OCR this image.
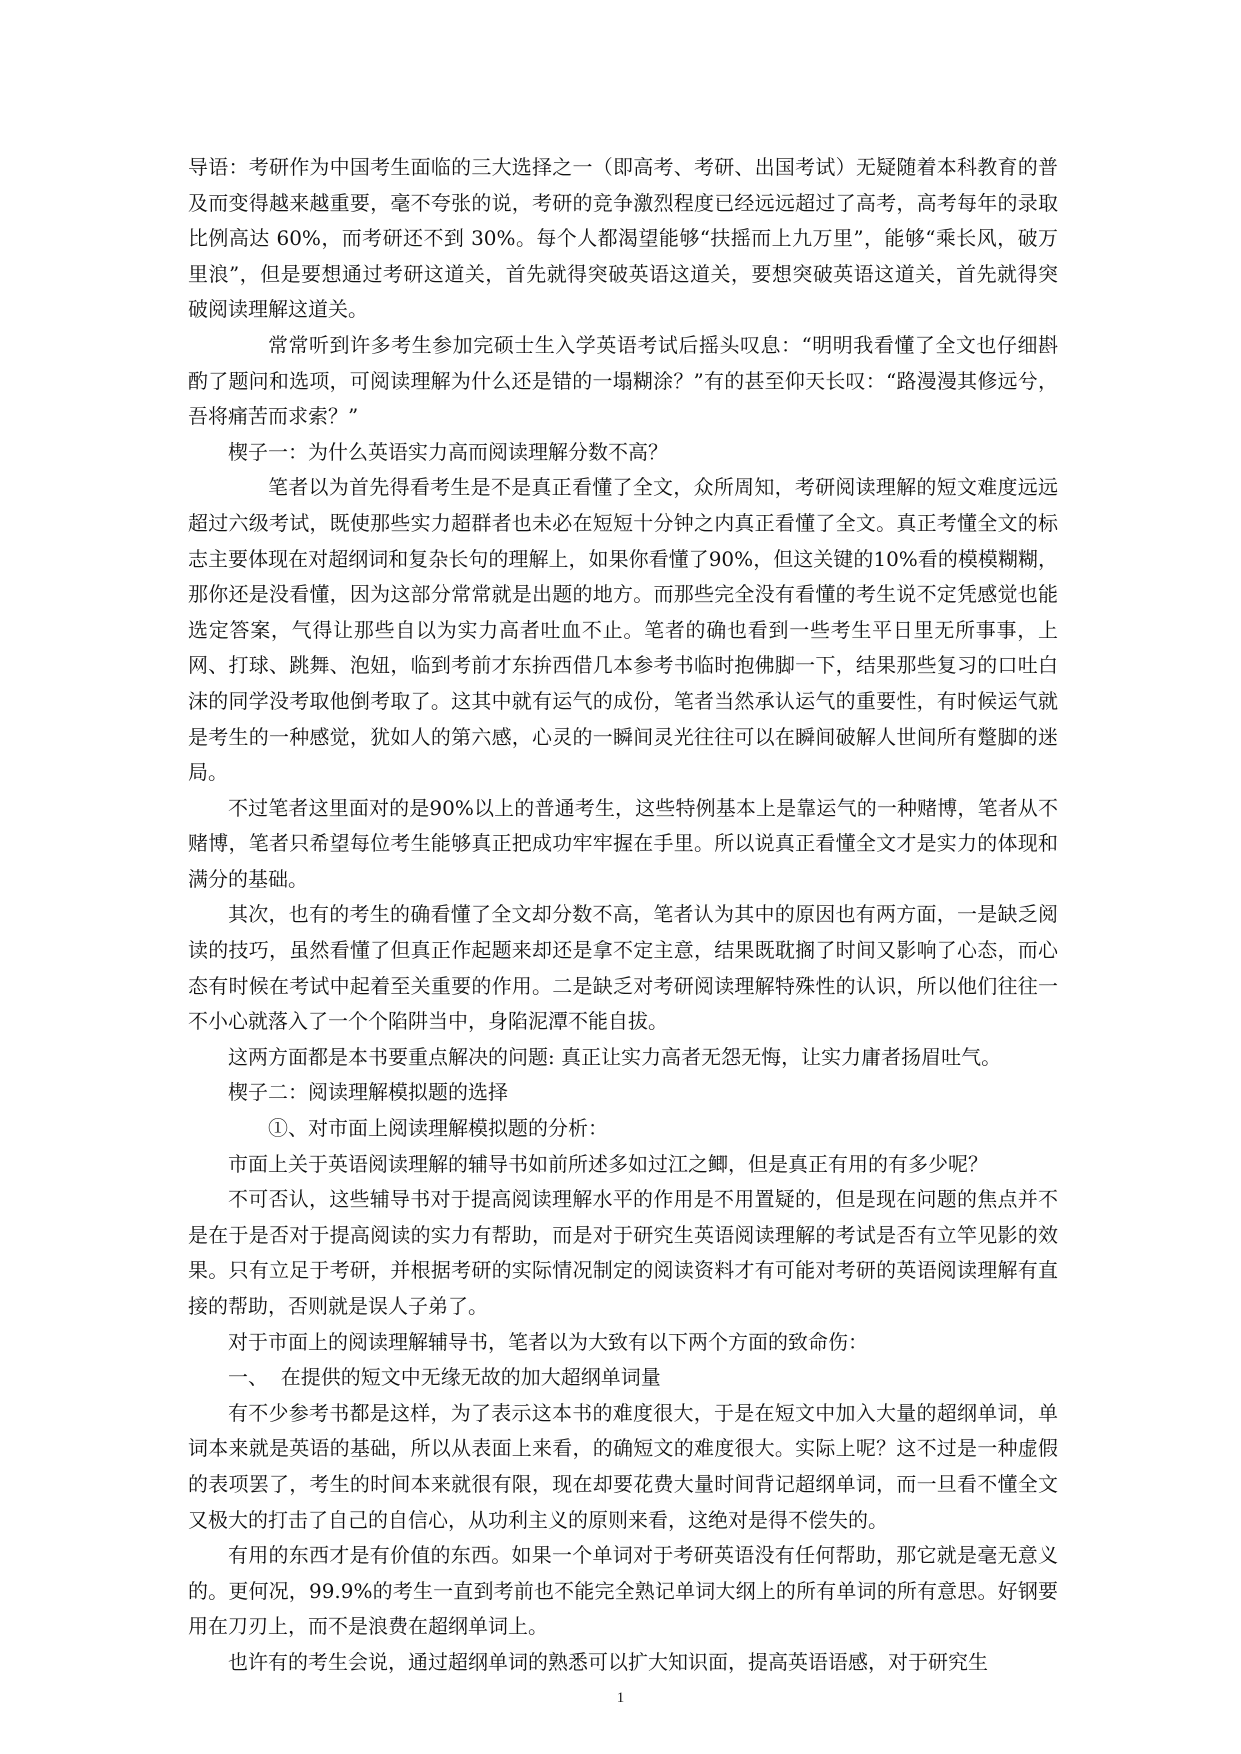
导语：考研作为中国考生面临的三大选择之一（即高考、考研、出国考试）无疑随着本科教育的普及而变得越来越重要，毫不夸张的说，考研的竞争激烈程度已经远远超过了高考，高考每年的录取比例高达 60%，而考研还不到 30%。每个人都渴望能够“扶摇而上九万里”，能够“乘长风，破万里浪”，但是要想通过考研这道关，首先就得突破英语这道关，要想突破英语这道关，首先就得突破阅读理解这道关。

常常听到许多考生参加完硕士生入学英语考试后摇头叹息：“明明我看懂了全文也仔细斟酌了题问和选项，可阅读理解为什么还是错的一塌糊涂？”有的甚至仰天长叹：“路漫漫其修远兮，吾将痛苦而求索？”

楔子一：为什么英语实力高而阅读理解分数不高？

笔者以为首先得看考生是不是真正看懂了全文，众所周知，考研阅读理解的短文难度远远超过六级考试，既使那些实力超群者也未必在短短十分钟之内真正看懂了全文。真正考懂全文的标志主要体现在对超纲词和复杂长句的理解上，如果你看懂了90%，但这关键的10%看的模模糊糊，那你还是没看懂，因为这部分常常就是出题的地方。而那些完全没有看懂的考生说不定凭感觉也能选定答案，气得让那些自以为实力高者吐血不止。笔者的确也看到一些考生平日里无所事事，上网、打球、跳舞、泡妞，临到考前才东拚西借几本参考书临时抱佛脚一下，结果那些复习的口吐白沫的同学没考取他倒考取了。这其中就有运气的成份，笔者当然承认运气的重要性，有时候运气就是考生的一种感觉，犹如人的第六感，心灵的一瞬间灵光往往可以在瞬间破解人世间所有蹩脚的迷局。

不过笔者这里面对的是90%以上的普通考生，这些特例基本上是靠运气的一种赌博，笔者从不赌博，笔者只希望每位考生能够真正把成功牢牢握在手里。所以说真正看懂全文才是实力的体现和满分的基础。

其次，也有的考生的确看懂了全文却分数不高，笔者认为其中的原因也有两方面，一是缺乏阅读的技巧，虽然看懂了但真正作起题来却还是拿不定主意，结果既耽搁了时间又影响了心态，而心态有时候在考试中起着至关重要的作用。二是缺乏对考研阅读理解特殊性的认识，所以他们往往一不小心就落入了一个个陷阱当中，身陷泥潭不能自拔。

这两方面都是本书要重点解决的问题: 真正让实力高者无怨无悔，让实力庸者扬眉吐气。

楔子二：阅读理解模拟题的选择

①、对市面上阅读理解模拟题的分析：

市面上关于英语阅读理解的辅导书如前所述多如过江之鲫，但是真正有用的有多少呢？

不可否认，这些辅导书对于提高阅读理解水平的作用是不用置疑的，但是现在问题的焦点并不是在于是否对于提高阅读的实力有帮助，而是对于研究生英语阅读理解的考试是否有立竿见影的效果。只有立足于考研，并根据考研的实际情况制定的阅读资料才有可能对考研的英语阅读理解有直接的帮助，否则就是误人子弟了。

对于市面上的阅读理解辅导书，笔者以为大致有以下两个方面的致命伤：

一、  在提供的短文中无缘无故的加大超纲单词量

有不少参考书都是这样，为了表示这本书的难度很大，于是在短文中加入大量的超纲单词，单词本来就是英语的基础，所以从表面上来看，的确短文的难度很大。实际上呢？这不过是一种虚假的表项罢了，考生的时间本来就很有限，现在却要花费大量时间背记超纲单词，而一旦看不懂全文又极大的打击了自己的自信心，从功利主义的原则来看，这绝对是得不偿失的。

有用的东西才是有价值的东西。如果一个单词对于考研英语没有任何帮助，那它就是毫无意义的。更何况，99.9%的考生一直到考前也不能完全熟记单词大纲上的所有单词的所有意思。好钢要用在刀刃上，而不是浪费在超纲单词上。

也许有的考生会说，通过超纲单词的熟悉可以扩大知识面，提高英语语感，对于研究生

1
